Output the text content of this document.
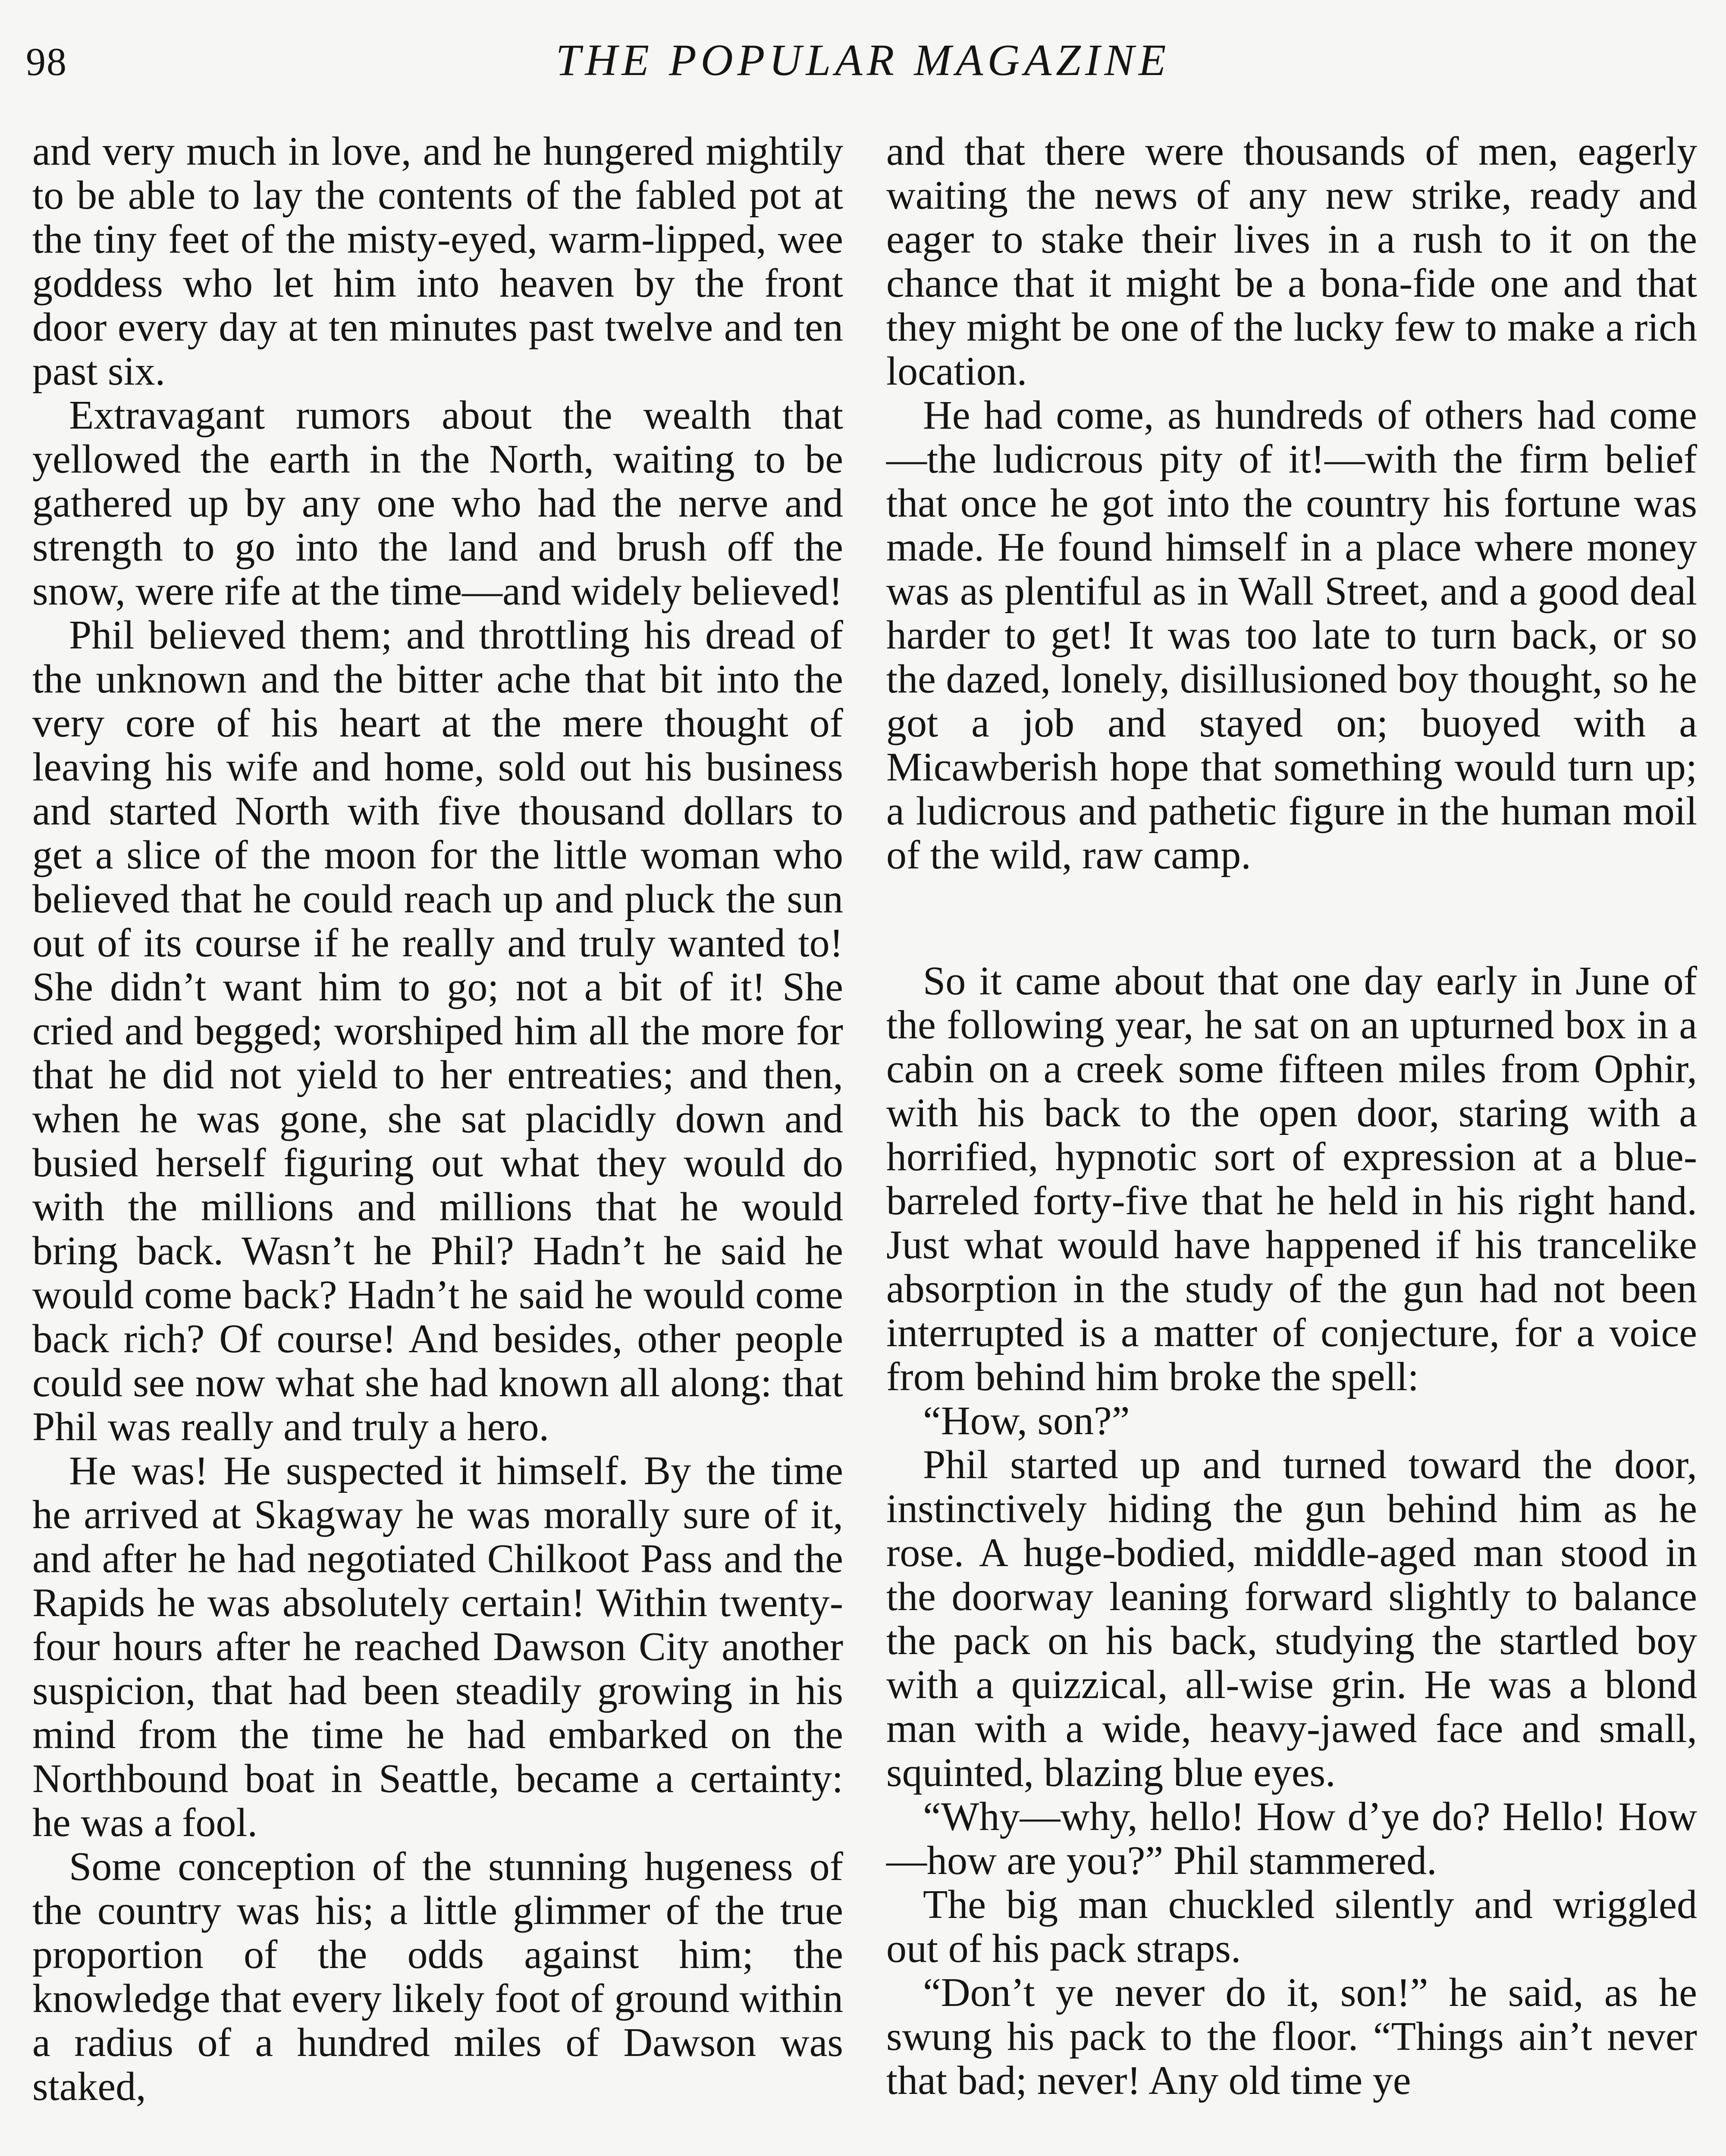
98	THE POPULAR MAGAZINE

and very much in love, and he hungered mightily to be able to lay the contents of the fabled pot at the tiny feet of the misty-eyed, warm-lipped, wee goddess who let him into heaven by the front door every day at ten minutes past twelve and ten past six.

Extravagant rumors about the wealth that yellowed the earth in the North, waiting to be gathered up by any one who had the nerve and strength to go into the land and brush off the snow, were rife at the time—and widely believed!

Phil believed them; and throttling his dread of the unknown and the bitter ache that bit into the very core of his heart at the mere thought of leaving his wife and home, sold out his business and started North with five thousand dollars to get a slice of the moon for the little woman who believed that he could reach up and pluck the sun out of its course if he really and truly wanted to! She didn’t want him to go; not a bit of it! She cried and begged; worshiped him all the more for that he did not yield to her entreaties; and then, when he was gone, she sat placidly down and busied herself figuring out what they would do with the millions and millions that he would bring back. Wasn’t he Phil? Hadn’t he said he would come back? Hadn’t he said he would come back rich? Of course! And besides, other people could see now what she had known all along: that Phil was really and truly a hero.

He was! He suspected it himself. By the time he arrived at Skagway he was morally sure of it, and after he had negotiated Chilkoot Pass and the Rapids he was absolutely certain! Within twenty-four hours after he reached Dawson City another suspicion, that had been steadily growing in his mind from the time he had embarked on the Northbound boat in Seattle, became a certainty: he was a fool.

Some conception of the stunning hugeness of the country was his; a little glimmer of the true proportion of the odds against him; the knowledge that every likely foot of ground within a radius of a hundred miles of Dawson was staked,

and that there were thousands of men, eagerly waiting the news of any new strike, ready and eager to stake their lives in a rush to it on the chance that it might be a bona-fide one and that they might be one of the lucky few to make a rich location.

He had come, as hundreds of others had come—the ludicrous pity of it!—with the firm belief that once he got into the country his fortune was made. He found himself in a place where money was as plentiful as in Wall Street, and a good deal harder to get! It was too late to turn back, or so the dazed, lonely, disillusioned boy thought, so he got a job and stayed on; buoyed with a Micawberish hope that something would turn up; a ludicrous and pathetic figure in the human moil of the wild, raw camp.

So it came about that one day early in June of the following year, he sat on an upturned box in a cabin on a creek some fifteen miles from Ophir, with his back to the open door, staring with a horrified, hypnotic sort of expression at a blue-barreled forty-five that he held in his right hand. Just what would have happened if his trancelike absorption in the study of the gun had not been interrupted is a matter of conjecture, for a voice from behind him broke the spell:

“How, son?”

Phil started up and turned toward the door, instinctively hiding the gun behind him as he rose. A huge-bodied, middle-aged man stood in the doorway leaning forward slightly to balance the pack on his back, studying the startled boy with a quizzical, all-wise grin. He was a blond man with a wide, heavy-jawed face and small, squinted, blazing blue eyes.

“Why—why, hello! How d’ye do? Hello! How—how are you?” Phil stammered.

The big man chuckled silently and wriggled out of his pack straps.

“Don’t ye never do it, son!” he said, as he swung his pack to the floor. “Things ain’t never that bad; never! Any old time ye
